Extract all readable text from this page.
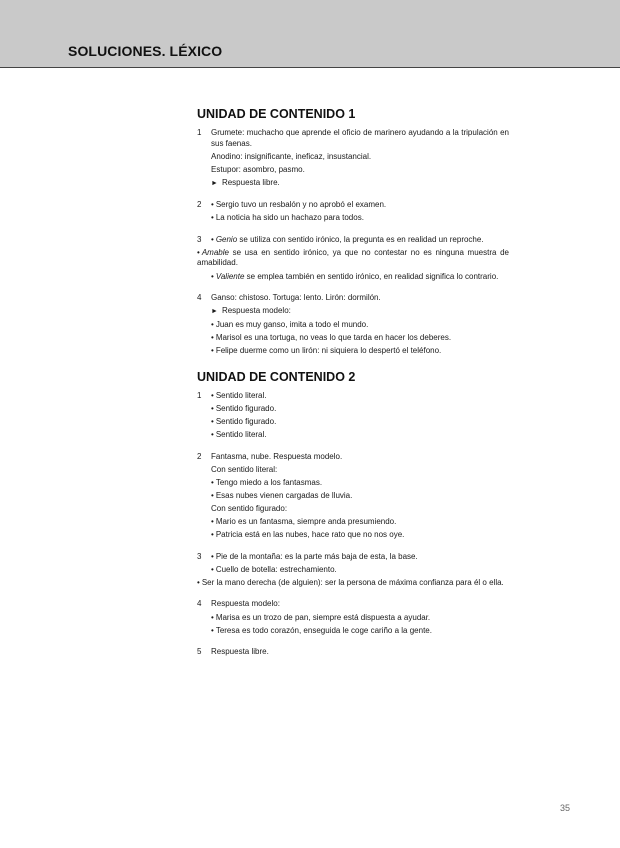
SOLUCIONES. LÉXICO
UNIDAD DE CONTENIDO 1
1	Grumete: muchacho que aprende el oficio de marinero ayudando a la tripulación en sus faenas.
Anodino: insignificante, ineficaz, insustancial.
Estupor: asombro, pasmo.
► Respuesta libre.
2	• Sergio tuvo un resbalón y no aprobó el examen.
• La noticia ha sido un hachazo para todos.
3	• Genio se utiliza con sentido irónico, la pregunta es en realidad un reproche.
• Amable se usa en sentido irónico, ya que no contestar no es ninguna muestra de amabilidad.
• Valiente se emplea también en sentido irónico, en realidad significa lo contrario.
4	Ganso: chistoso. Tortuga: lento. Lirón: dormilón.
► Respuesta modelo:
• Juan es muy ganso, imita a todo el mundo.
• Marisol es una tortuga, no veas lo que tarda en hacer los deberes.
• Felipe duerme como un lirón: ni siquiera lo despertó el teléfono.
UNIDAD DE CONTENIDO 2
1	• Sentido literal.
• Sentido figurado.
• Sentido figurado.
• Sentido literal.
2	Fantasma, nube. Respuesta modelo.
Con sentido literal:
• Tengo miedo a los fantasmas.
• Esas nubes vienen cargadas de lluvia.
Con sentido figurado:
• Mario es un fantasma, siempre anda presumiendo.
• Patricia está en las nubes, hace rato que no nos oye.
3	• Pie de la montaña: es la parte más baja de esta, la base.
• Cuello de botella: estrechamiento.
• Ser la mano derecha (de alguien): ser la persona de máxima confianza para él o ella.
4	Respuesta modelo:
• Marisa es un trozo de pan, siempre está dispuesta a ayudar.
• Teresa es todo corazón, enseguida le coge cariño a la gente.
5	Respuesta libre.
35
